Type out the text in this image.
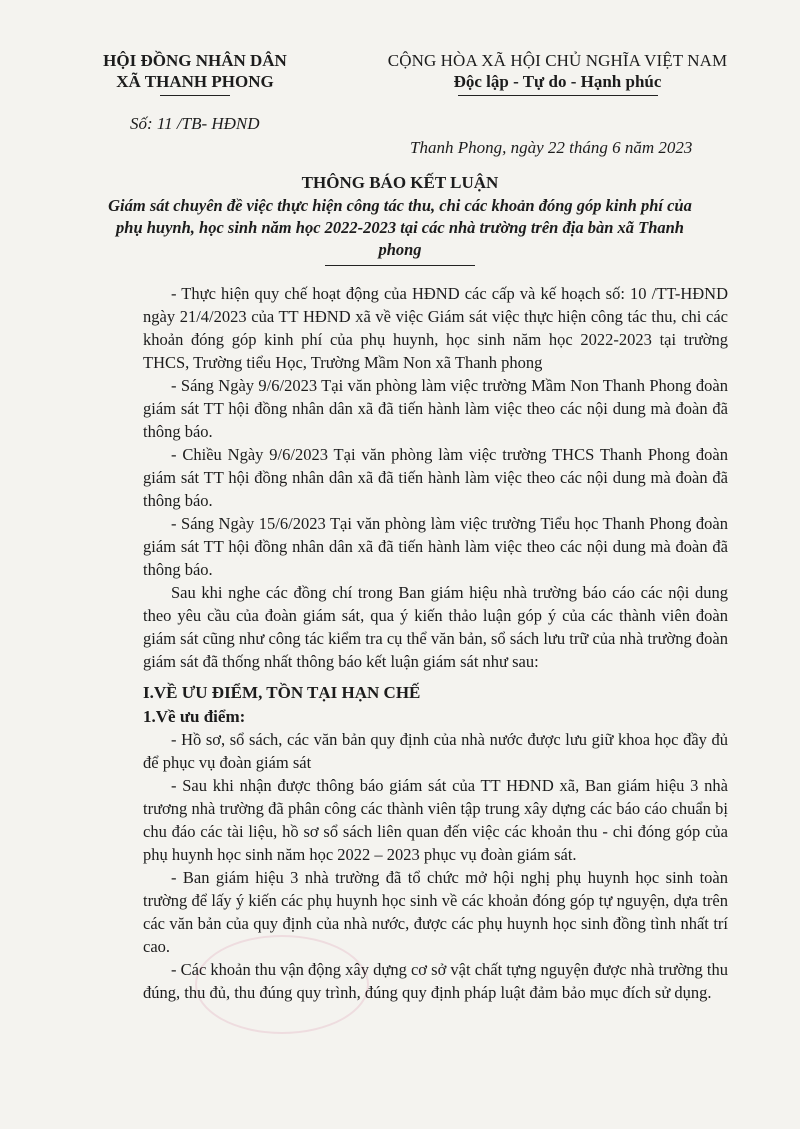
HỘI ĐỒNG NHÂN DÂN
XÃ THANH PHONG
Số: 11 /TB- HĐND
CỘNG HÒA XÃ HỘI CHỦ NGHĨA VIỆT NAM
Độc lập - Tự do - Hạnh phúc
Thanh Phong, ngày 22 tháng 6 năm 2023
THÔNG BÁO KẾT LUẬN
Giám sát chuyên đề việc thực hiện công tác thu, chi các khoản đóng góp kinh phí của phụ huynh, học sinh năm học 2022-2023 tại các nhà trường trên địa bàn xã Thanh phong

- Thực hiện quy chế hoạt động của HĐND các cấp và kế hoạch số: 10 /TT-HĐND ngày 21/4/2023 của TT HĐND xã về việc Giám sát việc thực hiện công tác thu, chi các khoản đóng góp kinh phí của phụ huynh, học sinh năm học 2022-2023 tại trường THCS, Trường tiểu Học, Trường Mầm Non xã Thanh phong

- Sáng Ngày 9/6/2023 Tại văn phòng làm việc trường Mầm Non Thanh Phong đoàn giám sát TT hội đồng nhân dân xã đã tiến hành làm việc theo các nội dung mà đoàn đã thông báo.

- Chiều Ngày 9/6/2023 Tại văn phòng làm việc trường THCS Thanh Phong đoàn giám sát TT hội đồng nhân dân xã đã tiến hành làm việc theo các nội dung mà đoàn đã thông báo.

- Sáng Ngày 15/6/2023 Tại văn phòng làm việc trường Tiểu học Thanh Phong đoàn giám sát TT hội đồng nhân dân xã đã tiến hành làm việc theo các nội dung mà đoàn đã thông báo.

Sau khi nghe các đồng chí trong Ban giám hiệu nhà trường báo cáo các nội dung theo yêu cầu của đoàn giám sát, qua ý kiến thảo luận góp ý của các thành viên đoàn giám sát cũng như công tác kiểm tra cụ thể văn bản, sổ sách lưu trữ của nhà trường đoàn giám sát đã thống nhất thông báo kết luận giám sát như sau:

I.VỀ ƯU ĐIỂM, TỒN TẠI HẠN CHẾ
1.Về ưu điểm:

- Hồ sơ, sổ sách, các văn bản quy định của nhà nước được lưu giữ khoa học đầy đủ để phục vụ đoàn giám sát

- Sau khi nhận được thông báo giám sát của TT HĐND xã, Ban giám hiệu 3 nhà trương nhà trường đã phân công các thành viên tập trung xây dựng các báo cáo chuẩn bị chu đáo các tài liệu, hồ sơ sổ sách liên quan đến việc các khoản thu - chi đóng góp của phụ huynh học sinh năm học 2022 – 2023 phục vụ đoàn giám sát.

- Ban giám hiệu 3 nhà trường đã tổ chức mở hội nghị phụ huynh học sinh toàn trường để lấy ý kiến các phụ huynh học sinh về các khoản đóng góp tự nguyện, dựa trên các văn bản của quy định của nhà nước, được các phụ huynh học sinh đồng tình nhất trí cao.

- Các khoản thu vận động xây dựng cơ sở vật chất tựng nguyện được nhà trường thu đúng, thu đủ, thu đúng quy trình, đúng quy định pháp luật đảm bảo mục đích sử dụng.
